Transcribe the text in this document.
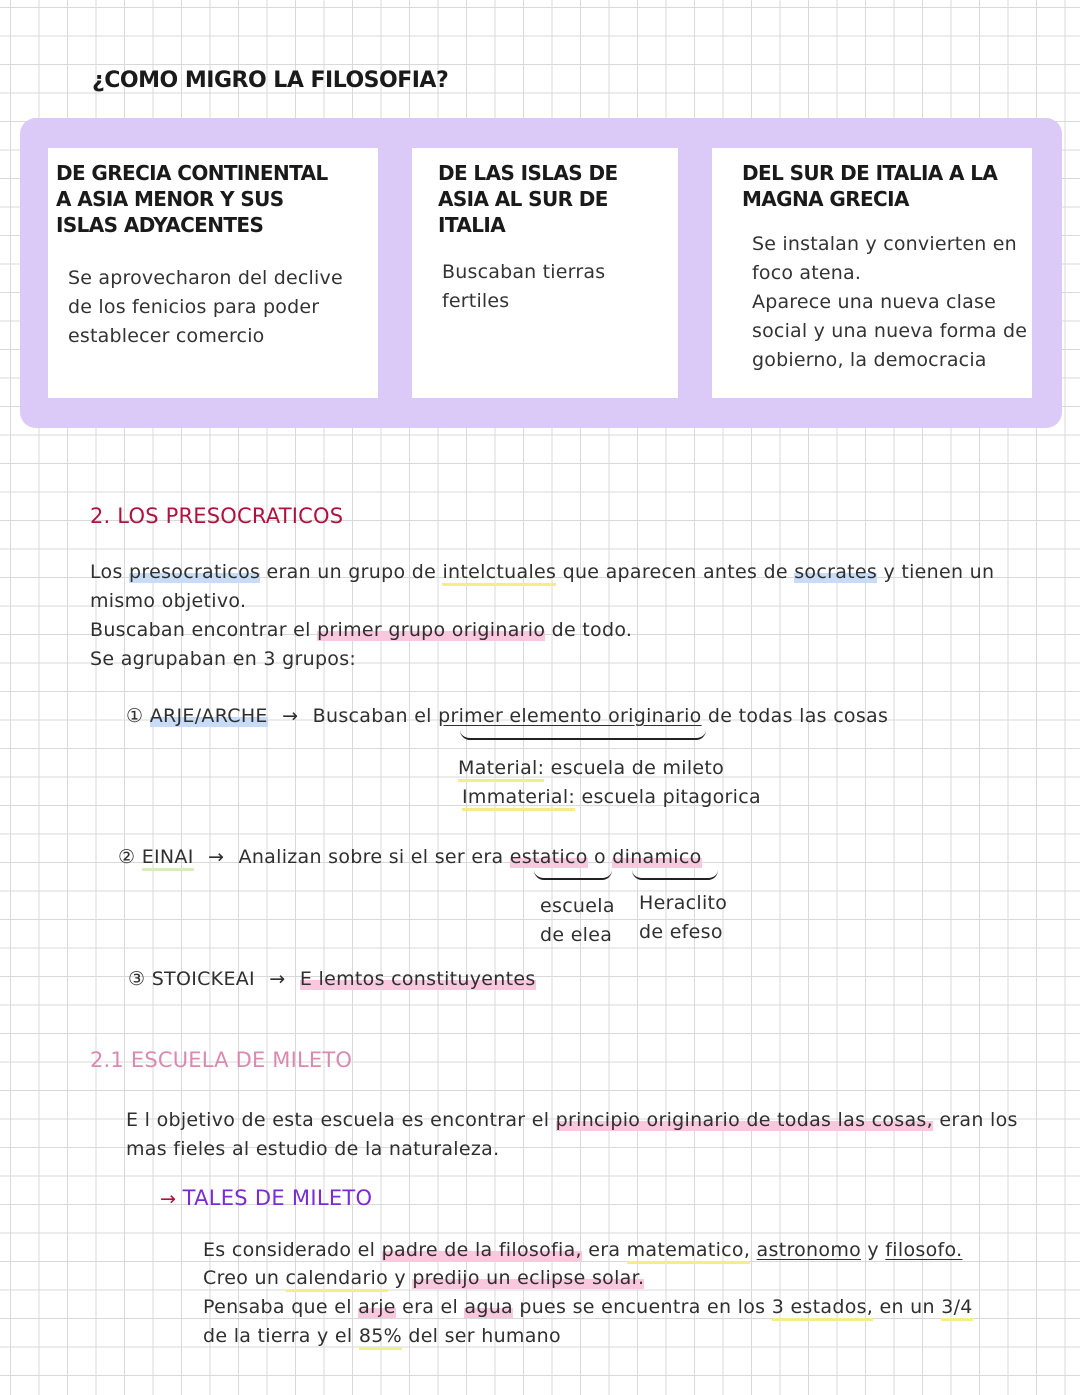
¿COMO MIGRO LA FILOSOFIA?
DE GRECIA CONTINENTAL A ASIA MENOR Y SUS ISLAS ADYACENTES
Se aprovecharon del declive de los fenicios para poder establecer comercio
DE LAS ISLAS DE ASIA AL SUR DE ITALIA
Buscaban tierras fertiles
DEL SUR DE ITALIA A LA MAGNA GRECIA
Se instalan y convierten en foco atena.
Aparece una nueva clase social y una nueva forma de gobierno, la democracia
2. LOS PRESOCRATICOS
Los presocraticos eran un grupo de intelctuales que aparecen antes de socrates y tienen un
mismo objetivo.
Buscaban encontrar el primer grupo originario de todo.
Se agrupaban en 3 grupos:
① ARJE/ARCHE → Buscaban el primer elemento originario de todas las cosas
Material: escuela de mileto
Immaterial: escuela pitagorica
② EINAI → Analizan sobre si el ser era estatico o dinamico
escuela
de elea
Heraclito
de efeso
③ STOICKEAI → E lemtos constituyentes
2.1 ESCUELA DE MILETO
E l objetivo de esta escuela es encontrar el principio originario de todas las cosas, eran los
mas fieles al estudio de la naturaleza.
→ TALES DE MILETO
Es considerado el padre de la filosofia, era matematico, astronomo y filosofo.
Creo un calendario y predijo un eclipse solar.
Pensaba que el arje era el agua pues se encuentra en los 3 estados, en un 3/4
de la tierra y el 85% del ser humano
